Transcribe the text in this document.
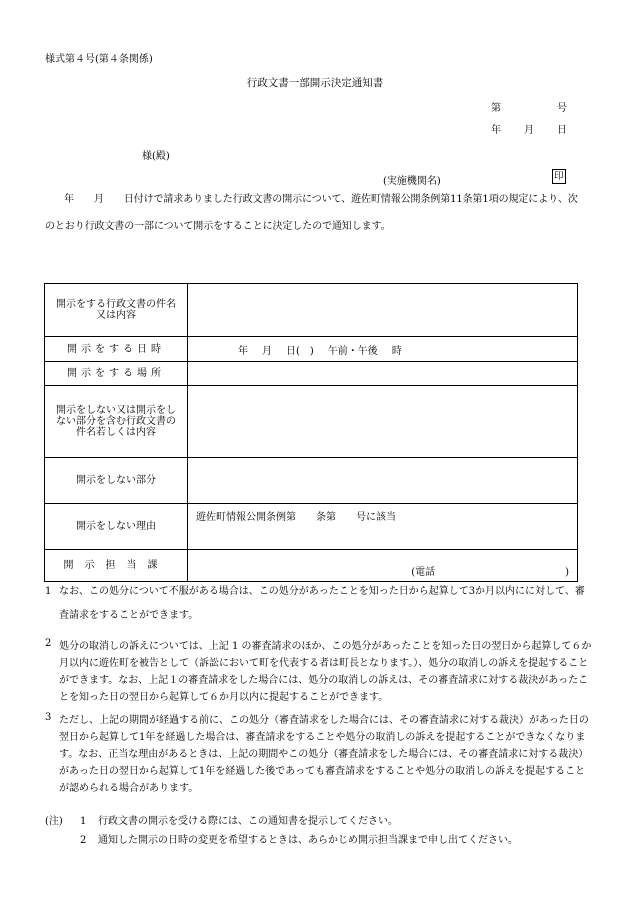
様式第４号(第４条関係)
行政文書一部開示決定通知書
第	号
年 月 日
様(殿)
(実施機関名)	印
年 月 日付けで請求ありました行政文書の開示について、遊佐町情報公開条例第11条第1項の規定により、次のとおり行政文書の一部について開示をすることに決定したので通知します。
開示をする行政文書の件名又は内容	
開示をする日時	年 月 日(　) 午前・午後 時
開示をする場所	
開示をしない又は開示をしない部分を含む行政文書の件名若しくは内容	
開示をしない部分	
開示をしない理由	遊佐町情報公開条例第　　条第　　号に該当
開示担当課	(電話 )
1 なお、この処分について不服がある場合は、この処分があったことを知った日から起算して3か月以内にに対して、審査請求をすることができます。
2 処分の取消しの訴えについては、上記 1 の審査請求のほか、この処分があったことを知った日の翌日から起算して６か月以内に遊佐町を被告として（訴訟において町を代表する者は町長となります。）、処分の取消しの訴えを提起することができます。なお、上記１の審査請求をした場合には、処分の取消しの訴えは、その審査請求に対する裁決があったことを知った日の翌日から起算して６か月以内に提起することができます。
3 ただし、上記の期間が経過する前に、この処分（審査請求をした場合には、その審査請求に対する裁決）があった日の翌日から起算して1年を経過した場合は、審査請求をすることや処分の取消しの訴えを提起することができなくなります。なお、正当な理由があるときは、上記の期間やこの処分（審査請求をした場合には、その審査請求に対する裁決）があった日の翌日から起算して1年を経過した後であっても審査請求をすることや処分の取消しの訴えを提起することが認められる場合があります。
(注)	1	行政文書の開示を受ける際には、この通知書を提示してください。
2	通知した開示の日時の変更を希望するときは、あらかじめ開示担当課まで申し出てください。
